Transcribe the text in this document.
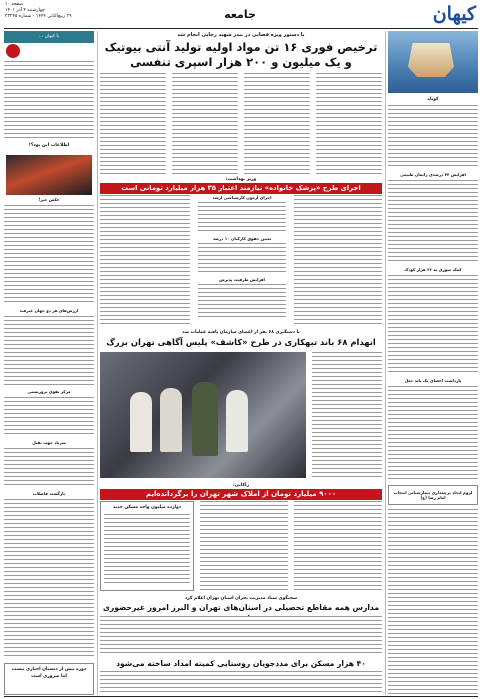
کیهان
جامعه
صفحه ۱۰
چهارشنبه ۴ آذر ۱۴۰۱
۲۹ ربیع‌الثانی ۱۴۴۴ - شماره ۲۳۲۴۵
با کیهان ...
اطلاعات این بود؟!
عکس خبر!
ارزش‌های هر دو جهان غبرفند
مرکز تقوی تروریستی
سرباد جهت تقبل
بازگشت فاضلاب
دوره پیش از دبستان اجباری نیست
اما ضروری است
کوتاه
افزایش ۳۴ درصدی زایمان طبیعی
کمک سوری به ۲۶ هزار کودک
بازداشت اعضای یک باند جعل
لزوم ایجاد پرچمداری بیمارستانی انتخاب امام رضا (ع)
با دستور ویژه قضایی در بندر شهید رجایی انجام شد
ترخیص فوری ۱۶ تن مواد اولیه تولید آنتی بیوتیک
و یک میلیون و ۲۰۰ هزار اسپری تنفسی
وزیر بهداشت:
اجرای طرح «پزشک خانواده» نیازمند اعتبار ۳۵ هزار میلیارد تومانی است
اجرای آزمون کارشناسی ارشد
تعیین حقوق کارکنان ۱۰ درصد
افزایش ظرفیت پذیرش
با دستگیری ۶۸ نفر از اعضای سازمان یافته عملیات شد
انهدام ۶۸ باند تبهکاری در طرح «کاشف» پلیس آگاهی تهران بزرگ
زاکانی:
۹۰۰۰ میلیارد تومان از املاک شهر تهران را برگردانده‌ایم
دوازده میلیون واحد مسکن جدید
سخنگوی ستاد مدیریت بحران استان تهران اعلام کرد
مدارس همه مقاطع تحصیلی در استان‌های تهران و البرز امروز غیرحضوری
۴۰ هزار مسکن برای مددجویان روستایی کمیته امداد ساخته می‌شود
